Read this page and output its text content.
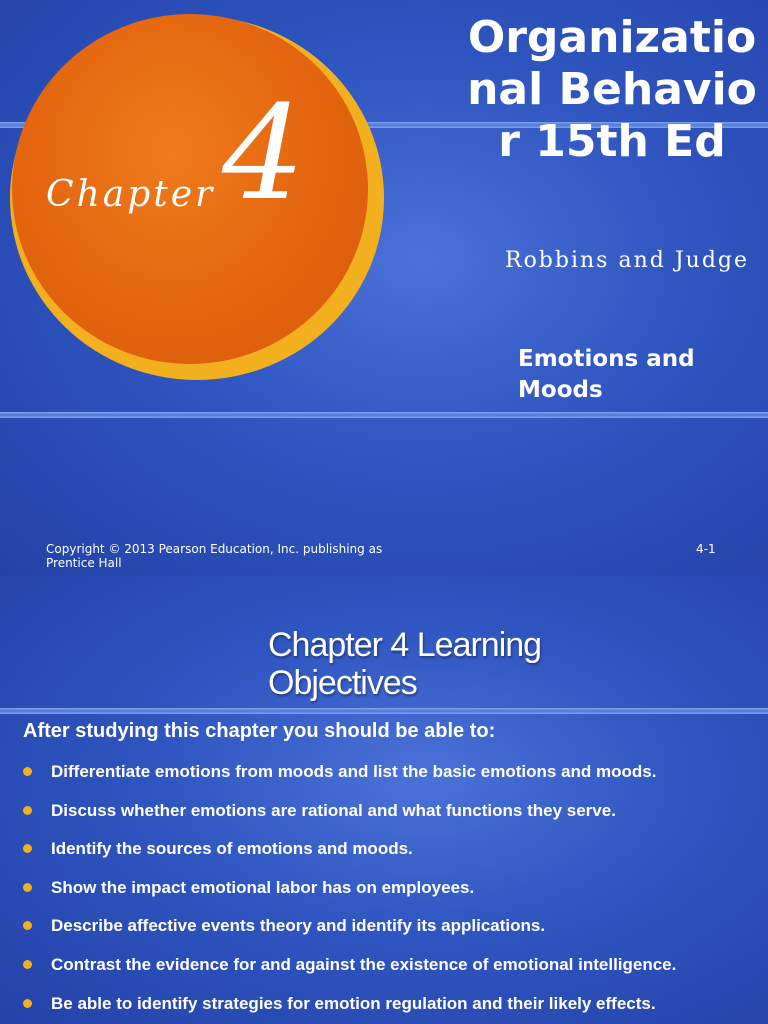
Chapter 4
Organizational Behavior 15th Ed
Robbins and Judge
Emotions and Moods
Copyright © 2013 Pearson Education, Inc. publishing as Prentice Hall
4-1
Chapter 4 Learning Objectives
After studying this chapter you should be able to:
Differentiate emotions from moods and list the basic emotions and moods.
Discuss whether emotions are rational and what functions they serve.
Identify the sources of emotions and moods.
Show the impact emotional labor has on employees.
Describe affective events theory and identify its applications.
Contrast the evidence for and against the existence of emotional intelligence.
Be able to identify strategies for emotion regulation and their likely effects.
